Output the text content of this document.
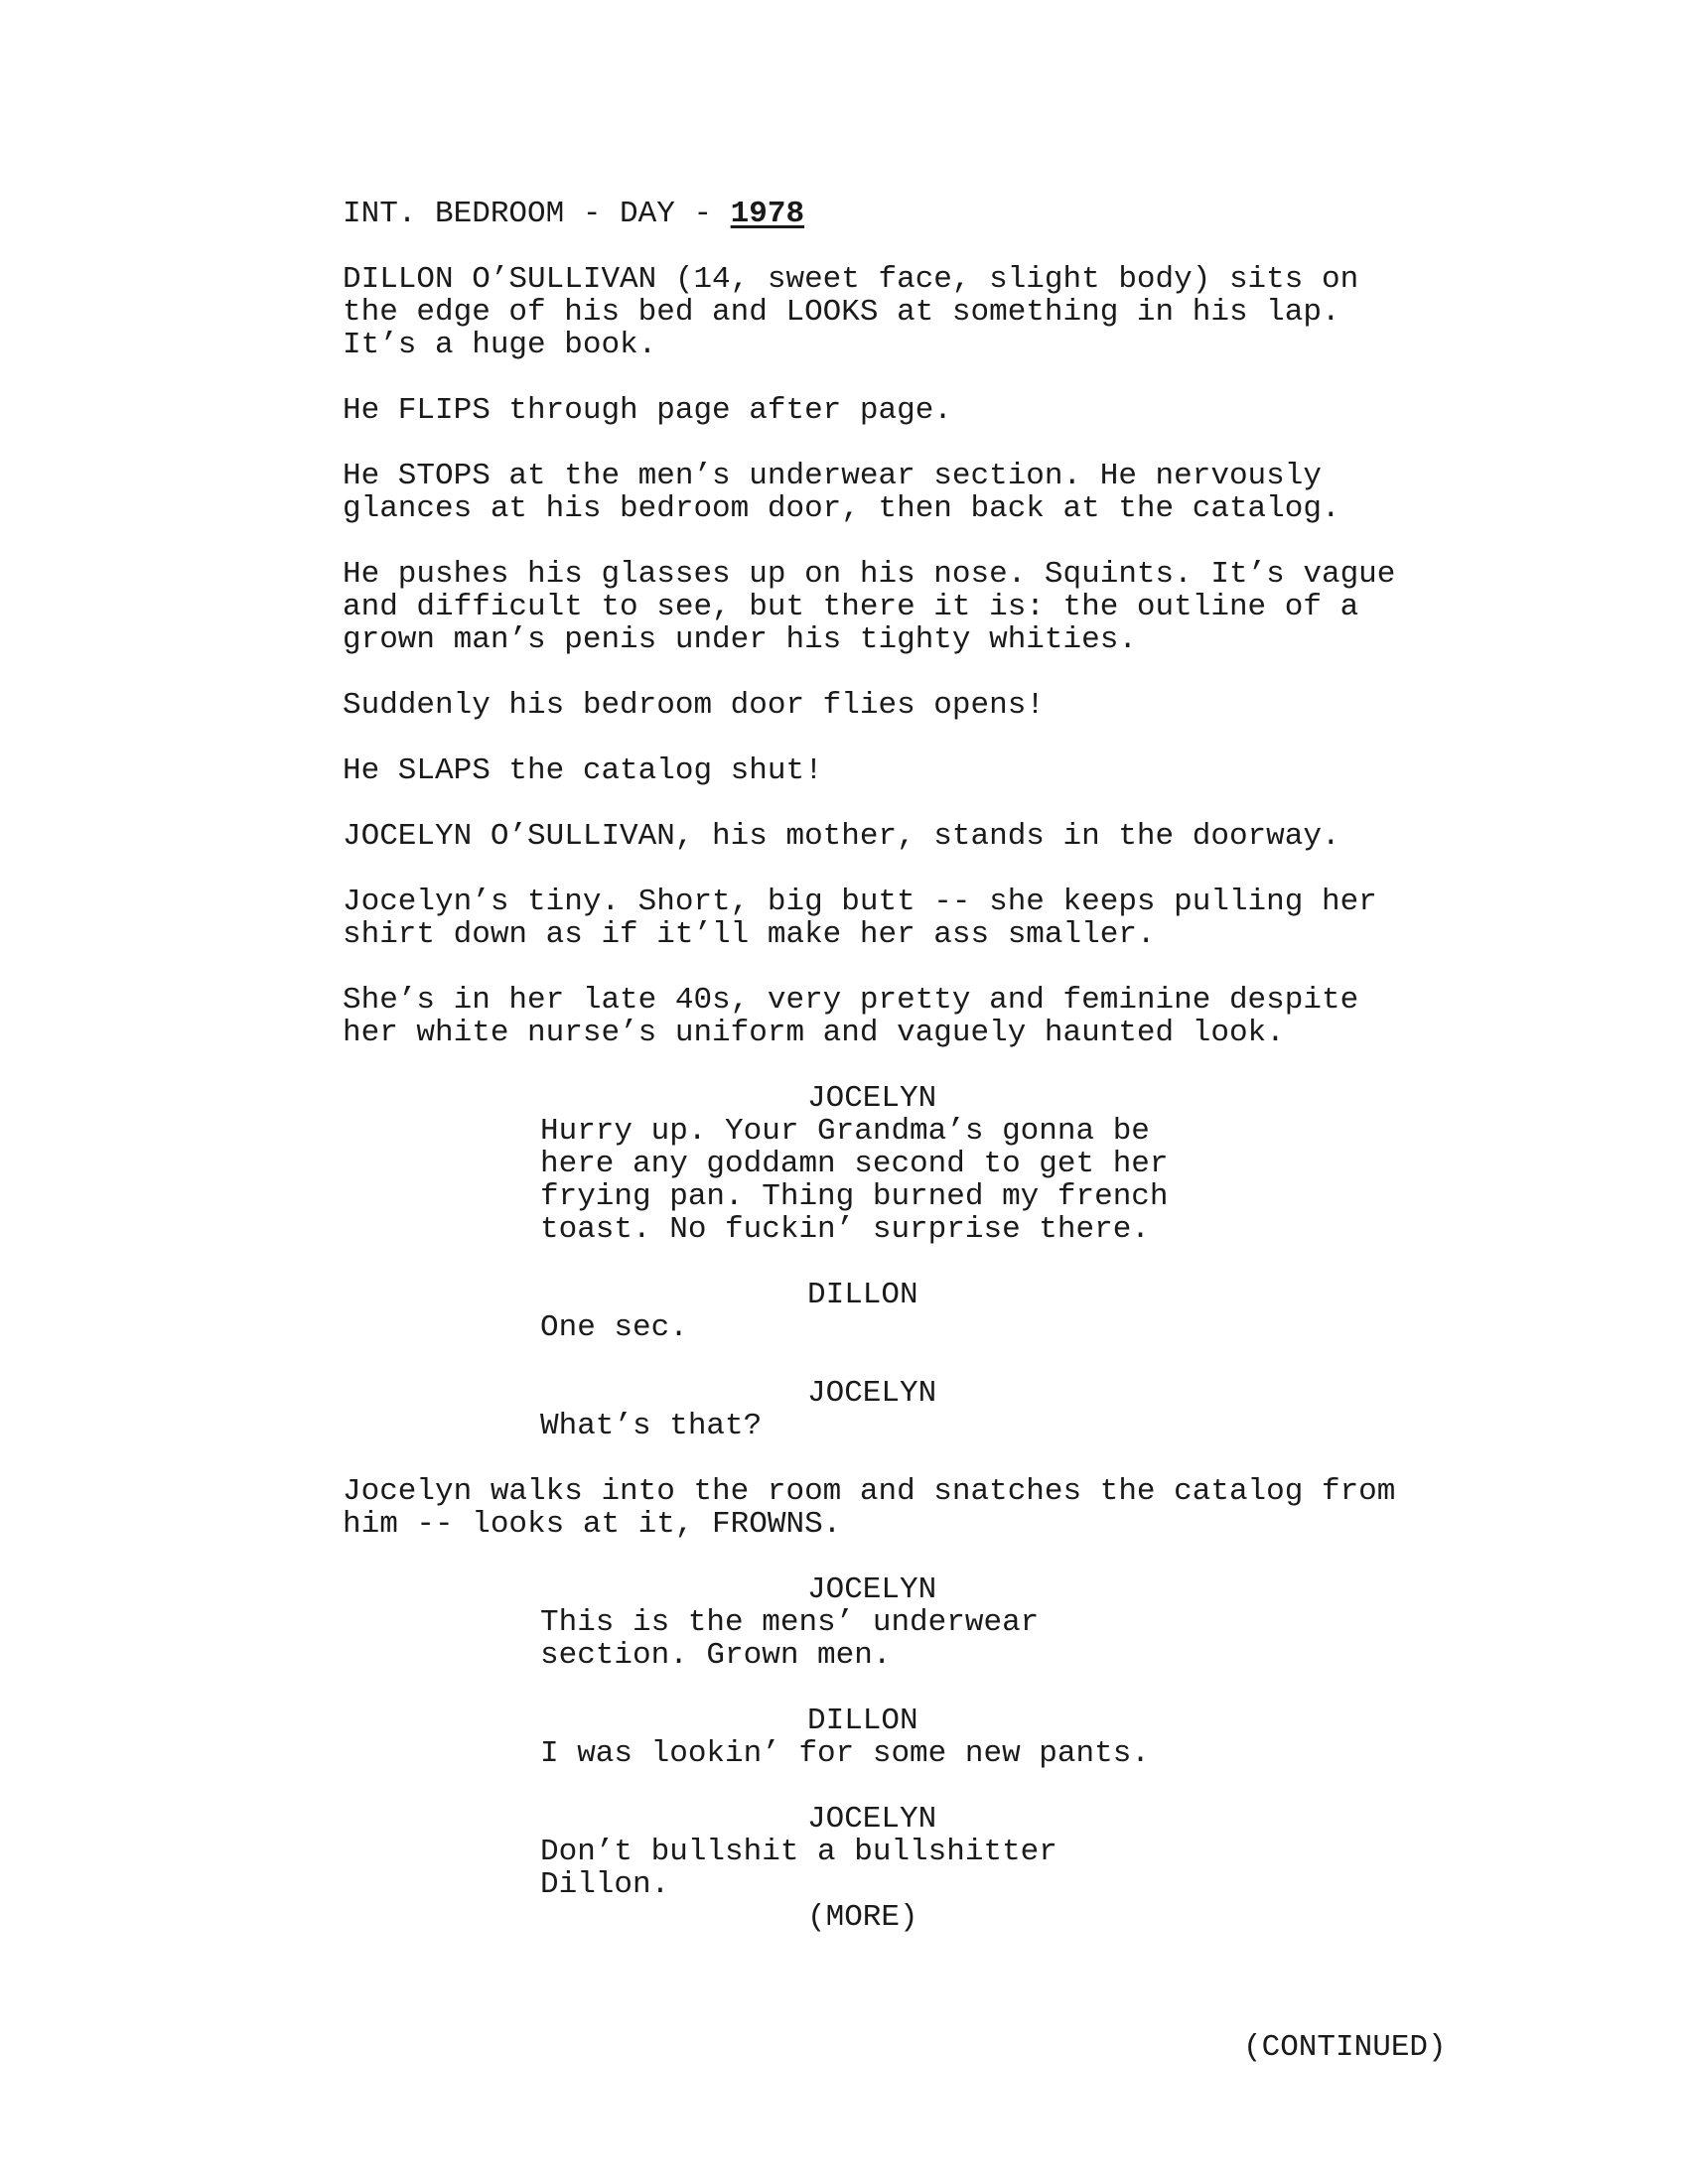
INT. BEDROOM - DAY - 1978
DILLON O’SULLIVAN (14, sweet face, slight body) sits on
the edge of his bed and LOOKS at something in his lap.
It’s a huge book.
He FLIPS through page after page.
He STOPS at the men’s underwear section. He nervously
glances at his bedroom door, then back at the catalog.
He pushes his glasses up on his nose. Squints. It’s vague
and difficult to see, but there it is: the outline of a
grown man’s penis under his tighty whities.
Suddenly his bedroom door flies opens!
He SLAPS the catalog shut!
JOCELYN O’SULLIVAN, his mother, stands in the doorway.
Jocelyn’s tiny. Short, big butt -- she keeps pulling her
shirt down as if it’ll make her ass smaller.
She’s in her late 40s, very pretty and feminine despite
her white nurse’s uniform and vaguely haunted look.
JOCELYN
Hurry up. Your Grandma’s gonna be
here any goddamn second to get her
frying pan. Thing burned my french
toast. No fuckin’ surprise there.
DILLON
One sec.
JOCELYN
What’s that?
Jocelyn walks into the room and snatches the catalog from
him -- looks at it, FROWNS.
JOCELYN
This is the mens’ underwear
section. Grown men.
DILLON
I was lookin’ for some new pants.
JOCELYN
Don’t bullshit a bullshitter
Dillon.
(MORE)
(CONTINUED)
